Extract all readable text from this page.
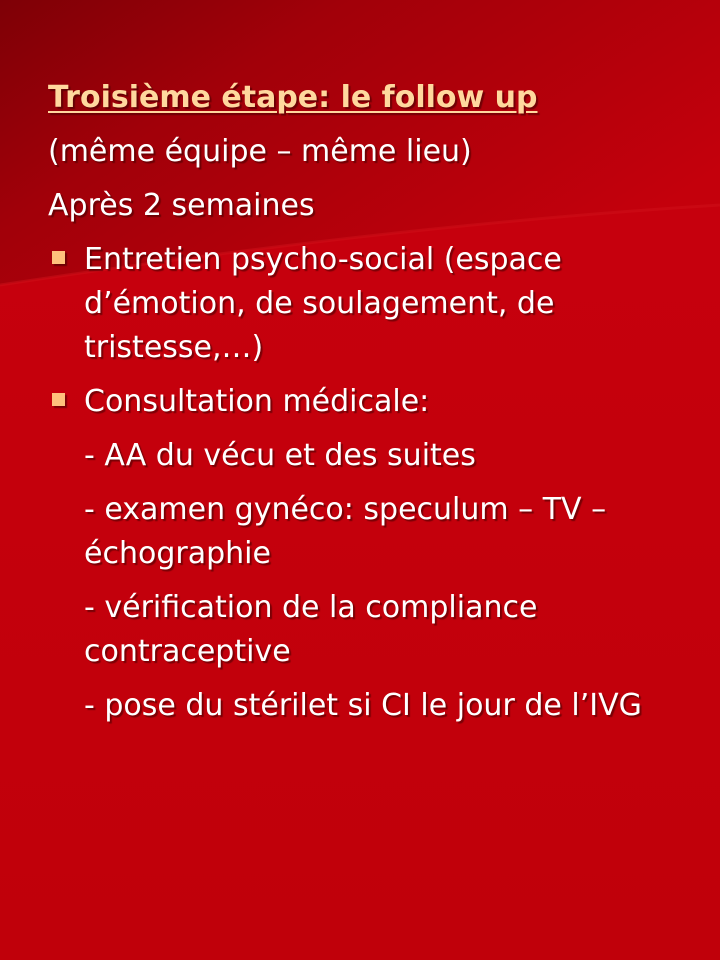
Troisième étape: le follow up
(même équipe – même lieu)
Après 2 semaines
Entretien psycho-social (espace d’émotion, de soulagement, de tristesse,…)
Consultation médicale:
- AA du vécu et des suites
- examen gynéco: speculum – TV – échographie
- vérification de la compliance contraceptive
- pose du stérilet si CI le jour de l’IVG
